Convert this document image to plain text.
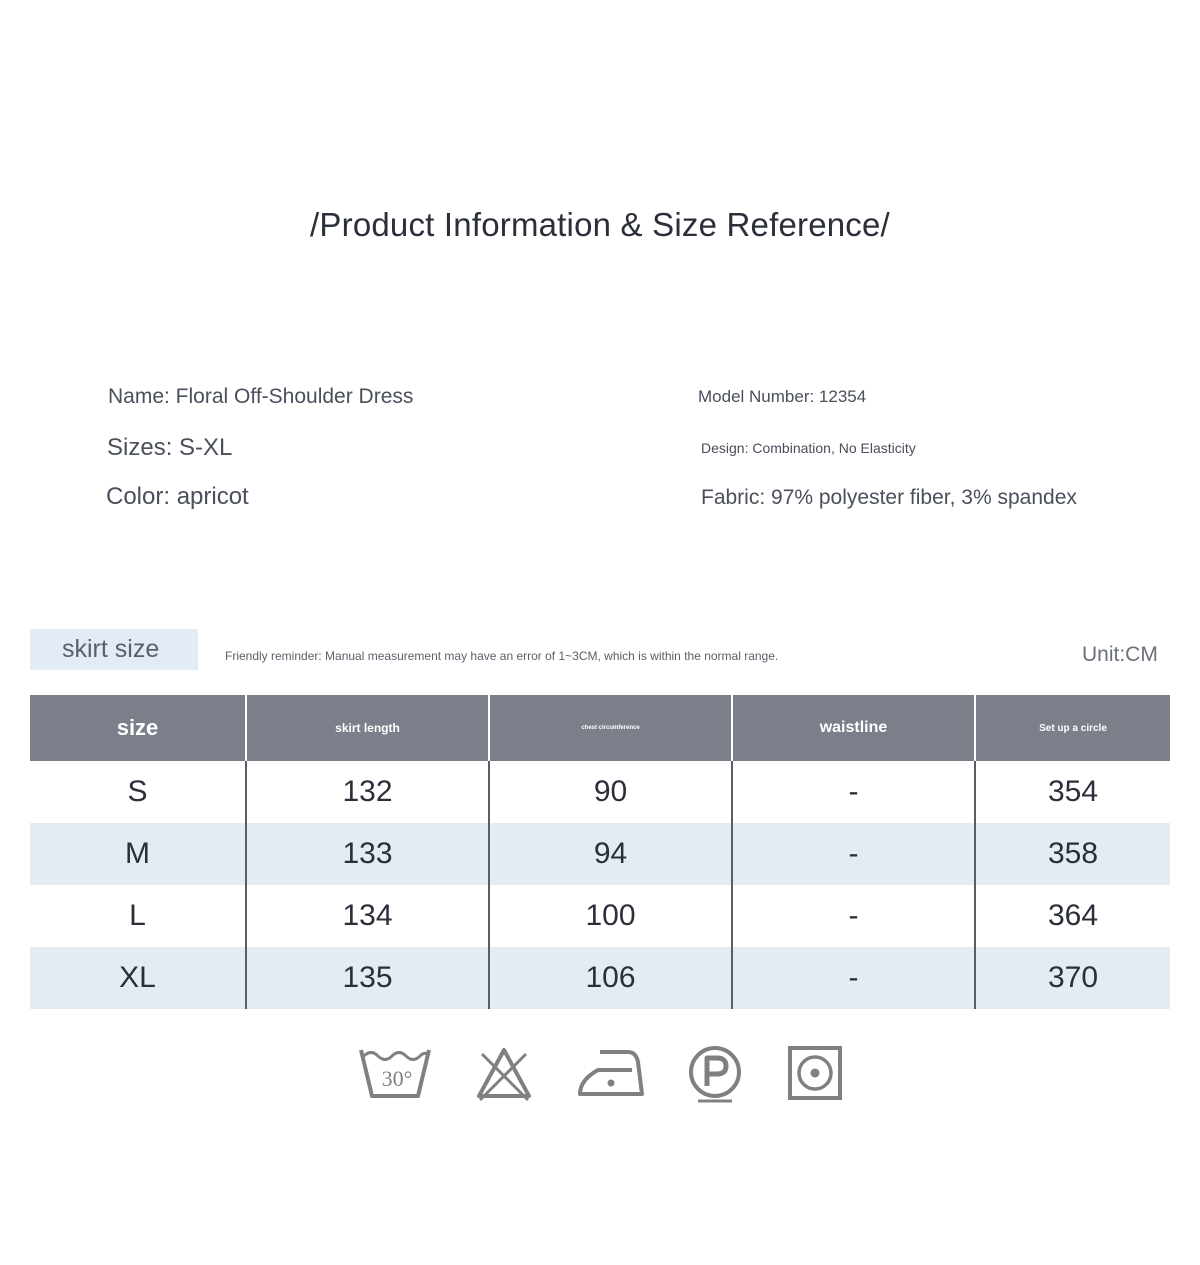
/Product Information & Size Reference/
Name: Floral Off-Shoulder Dress
Sizes: S-XL
Color: apricot
Model Number: 12354
Design: Combination, No Elasticity
Fabric: 97% polyester fiber, 3% spandex
skirt size	Friendly reminder: Manual measurement may have an error of 1~3CM, which is within the normal range.	Unit:CM
size	skirt length	chest circumference	waistline	Set up a circle
S	132	90	-	354
M	133	94	-	358
L	134	100	-	364
XL	135	106	-	370
30°
